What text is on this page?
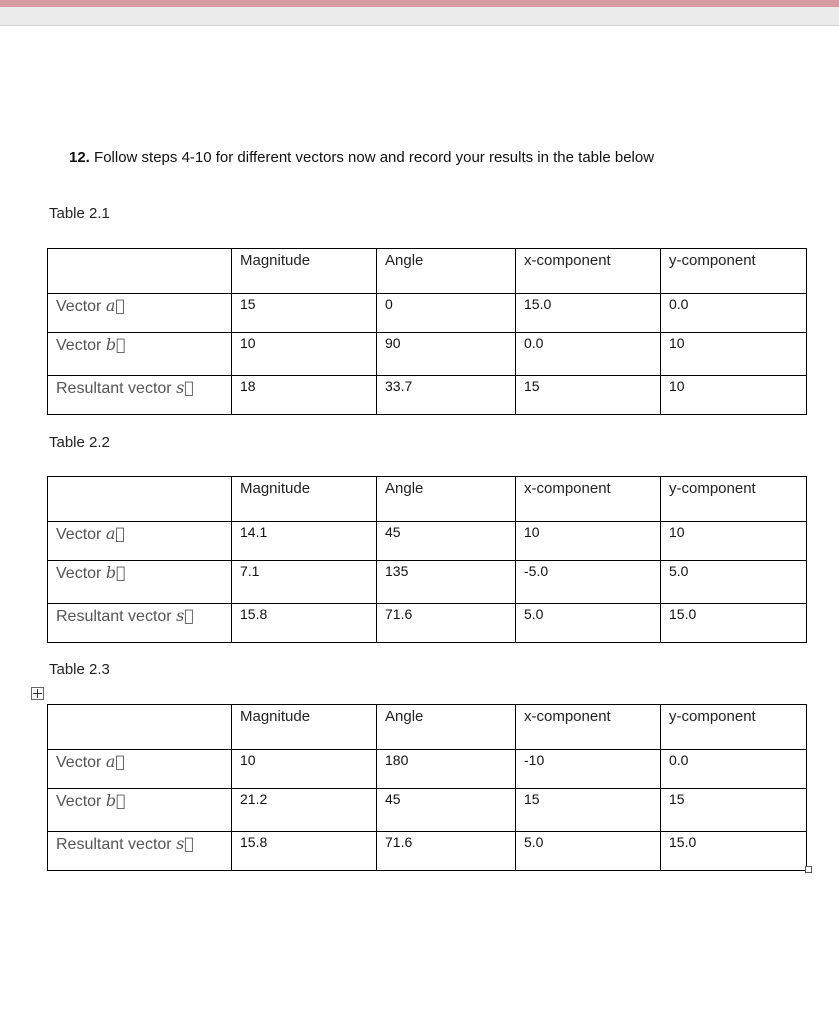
12. Follow steps 4-10 for different vectors now and record your results in the table below
Table 2.1
	Magnitude	Angle	x-component	y-component
Vector a⃗	15	0	15.0	0.0
Vector b⃗	10	90	0.0	10
Resultant vector s⃗	18	33.7	15	10
Table 2.2
	Magnitude	Angle	x-component	y-component
Vector a⃗	14.1	45	10	10
Vector b⃗	7.1	135	-5.0	5.0
Resultant vector s⃗	15.8	71.6	5.0	15.0
Table 2.3
	Magnitude	Angle	x-component	y-component
Vector a⃗	10	180	-10	0.0
Vector b⃗	21.2	45	15	15
Resultant vector s⃗	15.8	71.6	5.0	15.0
